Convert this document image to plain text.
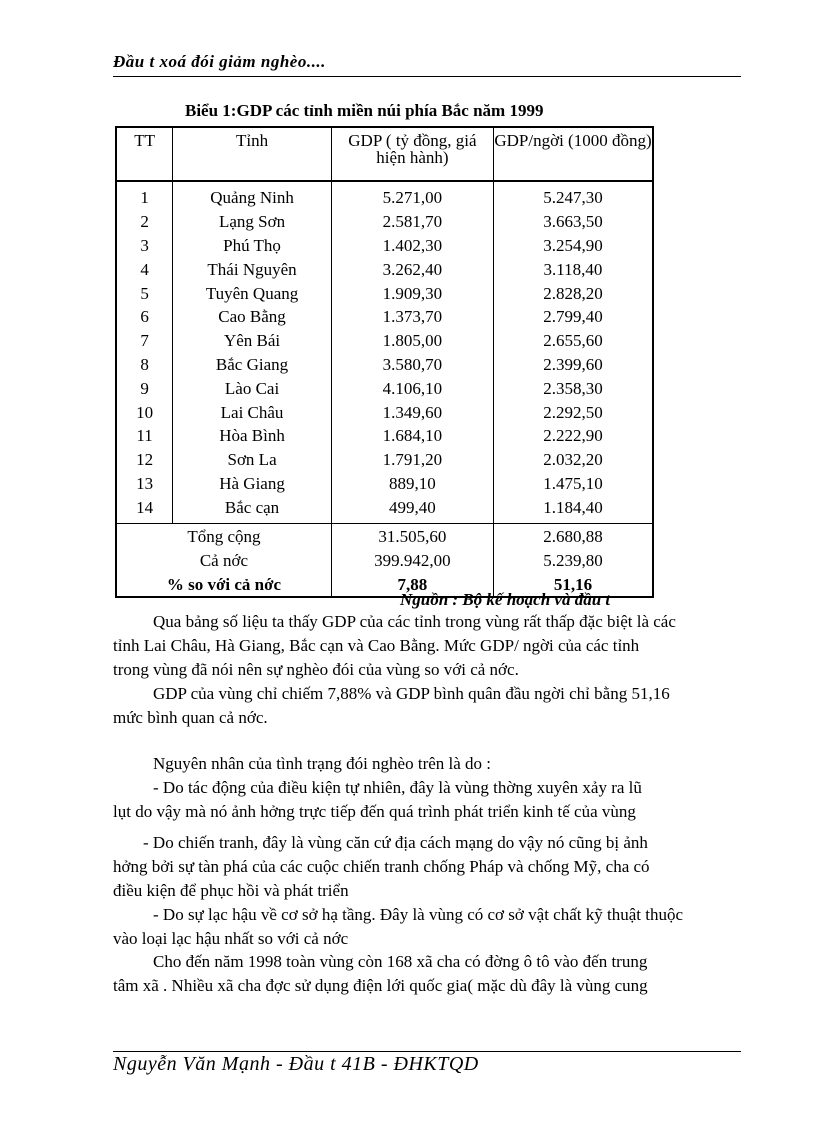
Đầu t xoá đói giảm nghèo....
Biểu 1:GDP các tỉnh miền núi phía Bắc năm 1999
TT	Tỉnh	GDP ( tỷ đồng, giá hiện hành)	GDP/ngời (1000 đồng)
1	Quảng Ninh	5.271,00	5.247,30
2	Lạng Sơn	2.581,70	3.663,50
3	Phú Thọ	1.402,30	3.254,90
4	Thái Nguyên	3.262,40	3.118,40
5	Tuyên Quang	1.909,30	2.828,20
6	Cao Bằng	1.373,70	2.799,40
7	Yên Bái	1.805,00	2.655,60
8	Bắc Giang	3.580,70	2.399,60
9	Lào Cai	4.106,10	2.358,30
10	Lai Châu	1.349,60	2.292,50
11	Hòa Bình	1.684,10	2.222,90
12	Sơn La	1.791,20	2.032,20
13	Hà Giang	889,10	1.475,10
14	Bắc cạn	499,40	1.184,40
Tổng cộng		31.505,60	2.680,88
Cả nớc		399.942,00	5.239,80
% so với cả nớc		7,88	51,16
Nguồn : Bộ kế hoạch và đầu t
Qua bảng số liệu ta thấy GDP của các tỉnh trong vùng rất thấp đặc biệt là các
tỉnh Lai Châu, Hà Giang, Bắc cạn và Cao Bằng. Mức GDP/ ngời của các tỉnh
trong vùng đã nói nên sự nghèo đói của vùng so với cả nớc.
GDP của vùng chỉ chiếm 7,88% và GDP bình quân đầu ngời chỉ bằng 51,16
mức bình quan cả nớc.
Nguyên nhân của tình trạng đói nghèo trên là do :
- Do tác động của điều kiện tự nhiên, đây là vùng thờng xuyên xảy ra lũ
lụt do vậy mà nó ảnh hởng trực tiếp đến quá trình phát triển kinh tế của vùng
- Do chiến tranh, đây là vùng căn cứ địa cách mạng do vậy nó cũng bị ảnh
hởng bởi sự tàn phá của các cuộc chiến tranh chống Pháp và chống Mỹ, cha có
điều kiện để phục hồi và phát triển
- Do sự lạc hậu về cơ sở hạ tầng. Đây là vùng có cơ sở vật chất kỹ thuật thuộc
vào loại lạc hậu nhất so với cả nớc
Cho đến năm 1998 toàn vùng còn 168 xã cha có đờng ô tô vào đến trung
tâm xã . Nhiều xã cha đợc sử dụng điện lới quốc gia( mặc dù đây là vùng cung
Nguyễn Văn Mạnh - Đầu t 41B - ĐHKTQD
